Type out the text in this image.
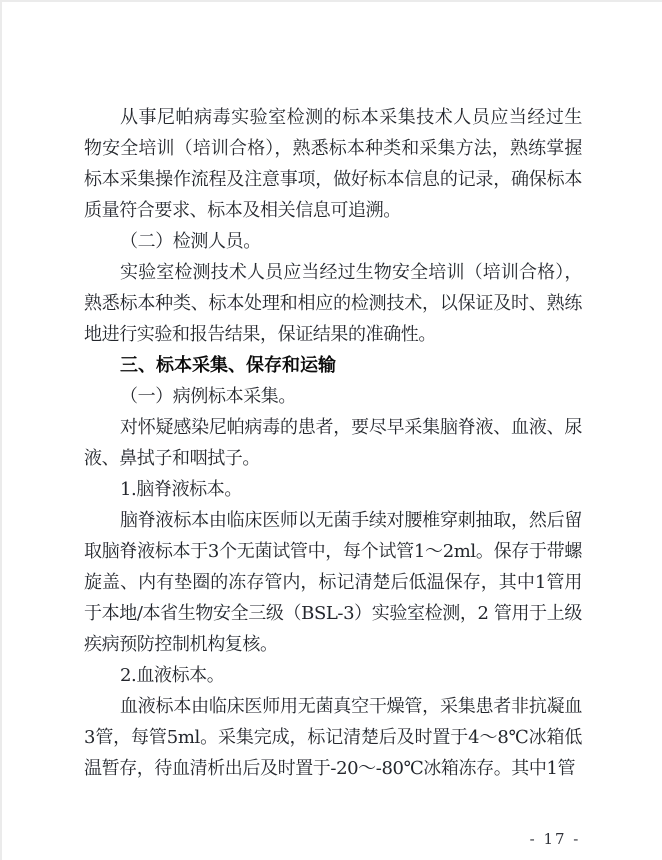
从事尼帕病毒实验室检测的标本采集技术人员应当经过生
物安全培训（培训合格），熟悉标本种类和采集方法，熟练掌握
标本采集操作流程及注意事项，做好标本信息的记录，确保标本
质量符合要求、标本及相关信息可追溯。
（二）检测人员。
实验室检测技术人员应当经过生物安全培训（培训合格），
熟悉标本种类、标本处理和相应的检测技术，以保证及时、熟练
地进行实验和报告结果，保证结果的准确性。
三、标本采集、保存和运输
（一）病例标本采集。
对怀疑感染尼帕病毒的患者，要尽早采集脑脊液、血液、尿
液、鼻拭子和咽拭子。
1.脑脊液标本。
脑脊液标本由临床医师以无菌手续对腰椎穿刺抽取，然后留
取脑脊液标本于3个无菌试管中，每个试管1～2ml。保存于带螺
旋盖、内有垫圈的冻存管内，标记清楚后低温保存，其中1管用
于本地/本省生物安全三级（BSL-3）实验室检测，2 管用于上级
疾病预防控制机构复核。
2.血液标本。
血液标本由临床医师用无菌真空干燥管，采集患者非抗凝血
3管，每管5ml。采集完成，标记清楚后及时置于4～8℃冰箱低
温暂存，待血清析出后及时置于-20～-80℃冰箱冻存。其中1管
- 17 -
